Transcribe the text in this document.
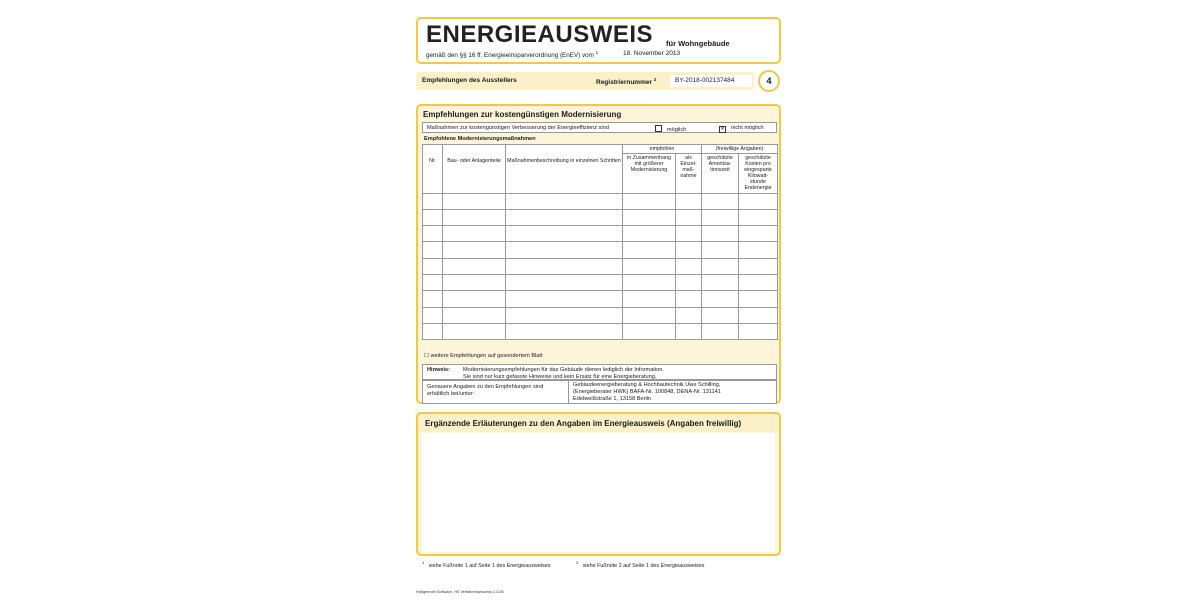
ENERGIEAUSWEIS für Wohngebäude
gemäß den §§ 16 ff. Energieeinsparverordnung (EnEV) vom $^1$	18. November 2013
Empfehlungen des Ausstellers	Registriernummer $^2$	BY-2018-002137484	4
Empfehlungen zur kostengünstigen Modernisierung
Maßnahmen zur kostengünstigen Verbesserung der Energieeffizienz sind	möglich	✕ nicht möglich
Empfohlene Modernisierungsmaßnahmen

Nr.	Bau- oder Anlagenteile	Maßnahmenbeschreibung in einzelnen Schritten	empfohlen		(freiwillige Angaben)	
			in Zusammenhang mit größerer Modernisierung	als Einzel-maß-nahme	geschätzte Amortisa-tionszeit	geschätzte Kosten pro eingesparte Kilowatt-stunde Endenergie

☐ weitere Empfehlungen auf gesondertem Blatt
Hinweis: Modernisierungsempfehlungen für das Gebäude dienen lediglich der Information.
Sie sind nur kurz gefasste Hinweise und kein Ersatz für eine Energieberatung.
Genauere Angaben zu den Empfehlungen sind
erhältlich bei/unter:
Gebäudeenergieberatung & Hochbautechnik Uwe Schilling,
(Energieberater HWK) BAFA-Nr. 100848, DENA-Nr. 131141
Edelweißstraße 1, 13158 Berlin
Ergänzende Erläuterungen zu den Angaben im Energieausweis (Angaben freiwillig)
$^1$   siehe Fußnote 1 auf Seite 1 des Energieausweises
$^2$   siehe Fußnote 2 auf Seite 1 des Energieausweises
Hottgenroth Software, HS Verfahrensprozess 1.3.56
